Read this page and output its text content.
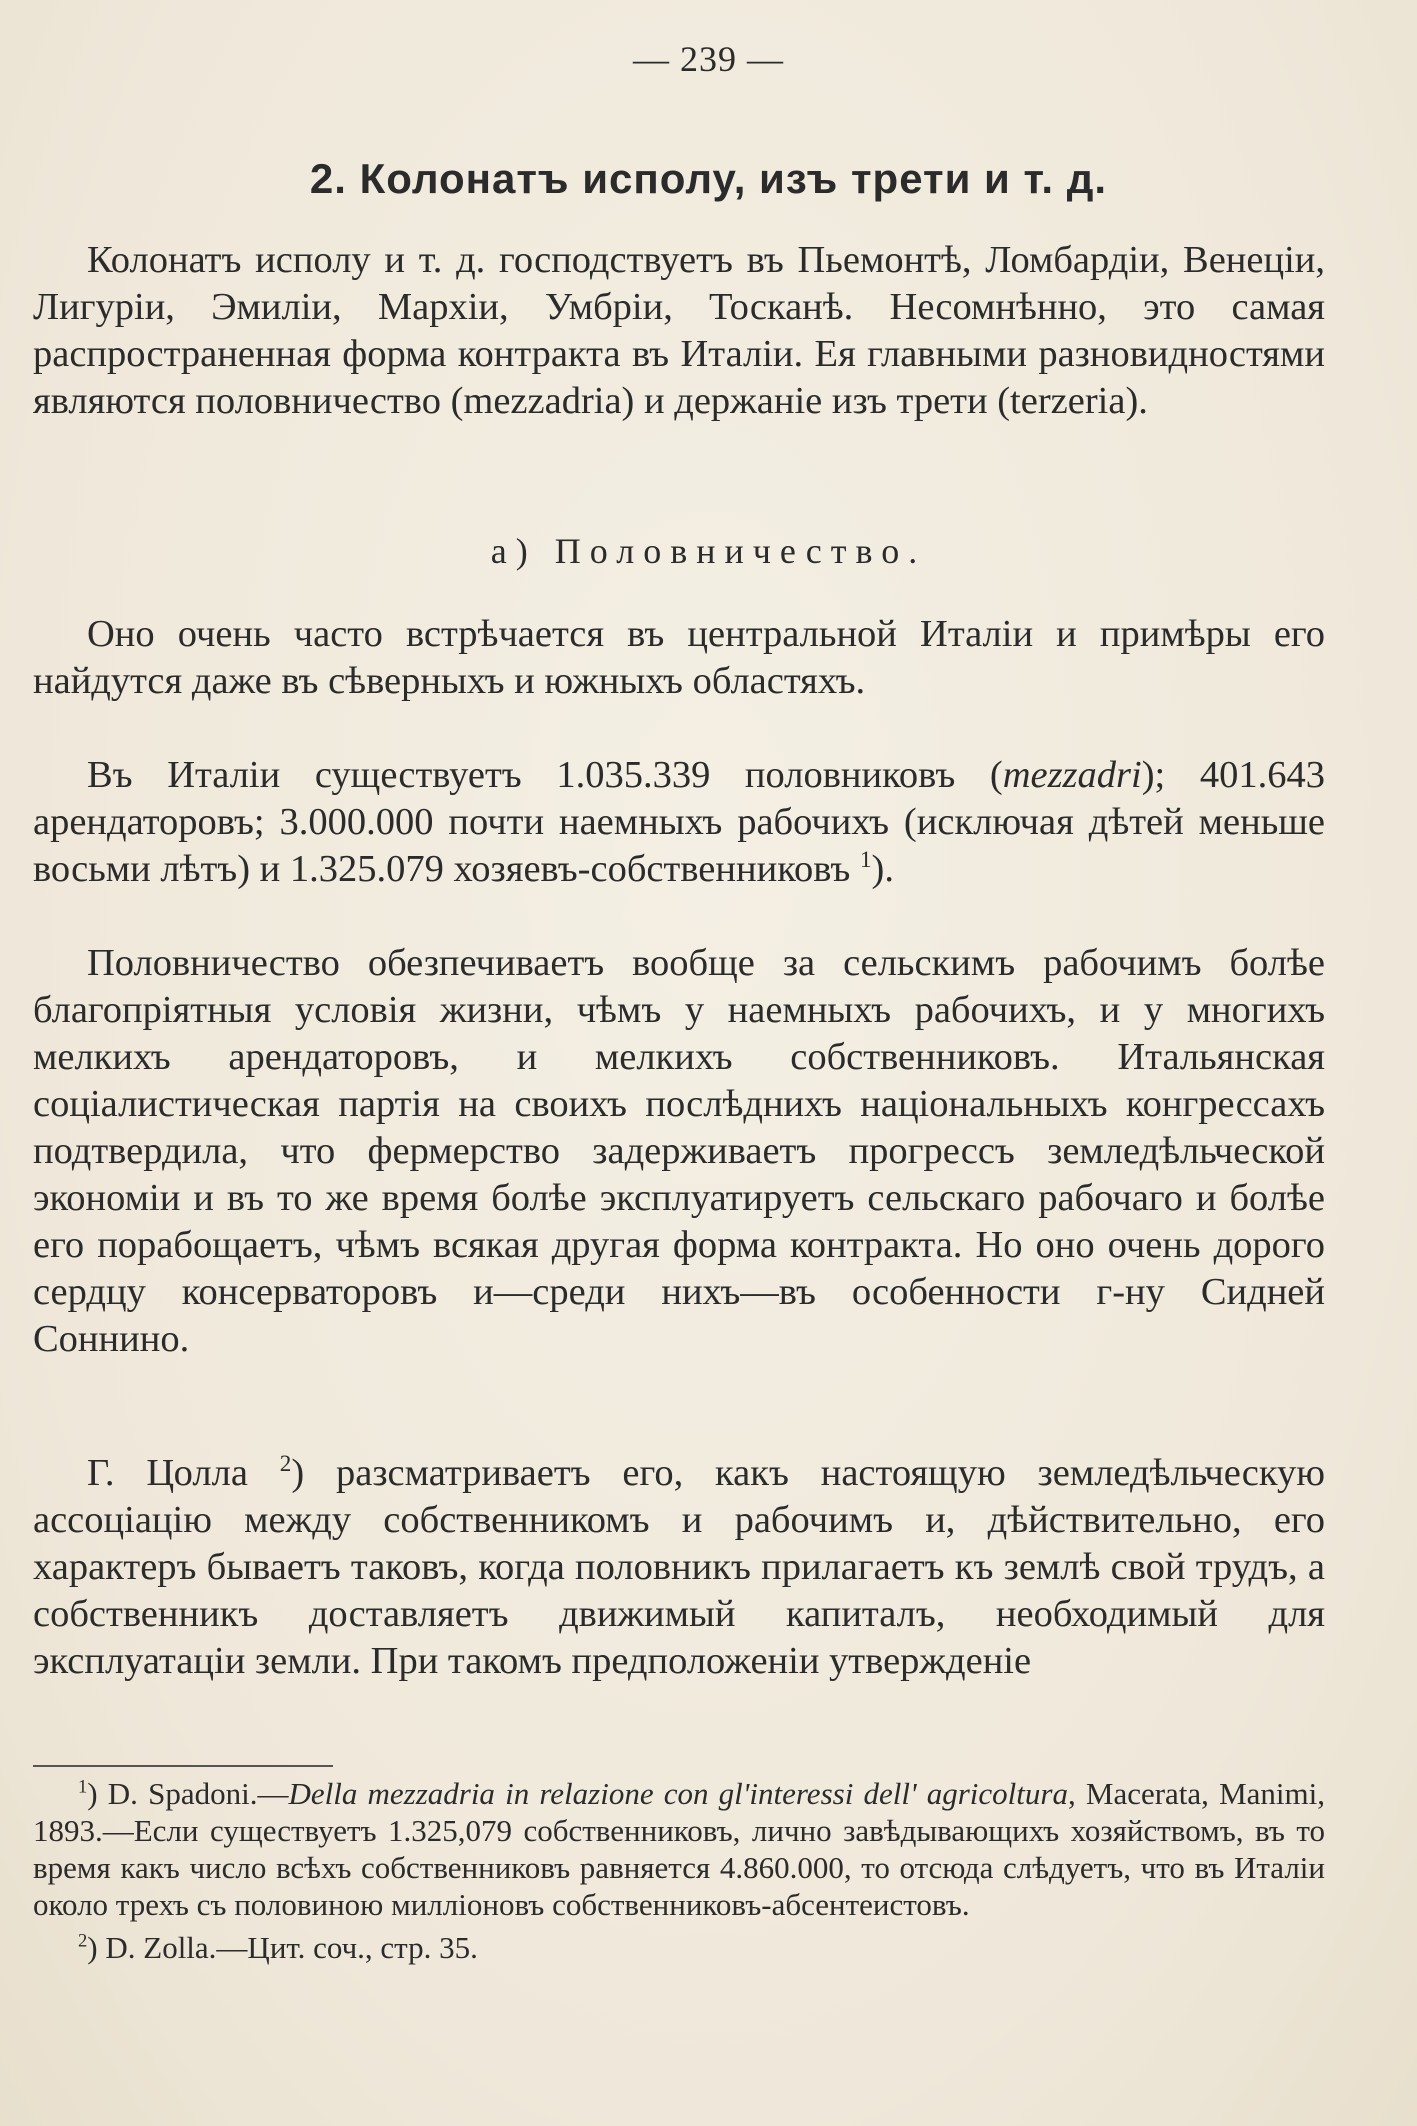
— 239 —
2. Колонатъ исполу, изъ трети и т. д.

Колонатъ исполу и т. д. господствуетъ въ Пьемонтѣ, Ломбардіи, Венеціи, Лигуріи, Эмиліи, Мархіи, Умбріи, Тосканѣ. Несомнѣнно, это самая распространенная форма контракта въ Италіи. Ея главными разновидностями являются половничество (mezzadria) и держаніе изъ трети (terzeria).

а) Половничество.

Оно очень часто встрѣчается въ центральной Италіи и примѣры его найдутся даже въ сѣверныхъ и южныхъ областяхъ.

Въ Италіи существуетъ 1.035.339 половниковъ (mezzadri); 401.643 арендаторовъ; 3.000.000 почти наемныхъ рабочихъ (исключая дѣтей меньше восьми лѣтъ) и 1.325.079 хозяевъ-собственниковъ $^1$).

Половничество обезпечиваетъ вообще за сельскимъ рабочимъ болѣе благопріятныя условія жизни, чѣмъ у наемныхъ рабочихъ, и у многихъ мелкихъ арендаторовъ, и мелкихъ собственниковъ. Итальянская соціалистическая партія на своихъ послѣднихъ національныхъ конгрессахъ подтвердила, что фермерство задерживаетъ прогрессъ земледѣльческой экономіи и въ то же время болѣе эксплуатируетъ сельскаго рабочаго и болѣе его порабощаетъ, чѣмъ всякая другая форма контракта. Но оно очень дорого сердцу консерваторовъ и—среди нихъ—въ особенности г-ну Сидней Соннино.

Г. Цолла $^2$) разсматриваетъ его, какъ настоящую земледѣльческую ассоціацію между собственникомъ и рабочимъ и, дѣйствительно, его характеръ бываетъ таковъ, когда половникъ прилагаетъ къ землѣ свой трудъ, а собственникъ доставляетъ движимый капиталъ, необходимый для эксплуатаціи земли. При такомъ предположеніи утвержденіе

$^1$) D. Spadoni.—Della mezzadria in relazione con gl'interessi dell' agricoltura, Macerata, Manimi, 1893.—Если существуетъ 1.325,079 собственниковъ, лично завѣдывающихъ хозяйствомъ, въ то время какъ число всѣхъ собственниковъ равняется 4.860.000, то отсюда слѣдуетъ, что въ Италіи около трехъ съ половиною милліоновъ собственниковъ-абсентеистовъ.

$^2$) D. Zolla.—Цит. соч., стр. 35.
